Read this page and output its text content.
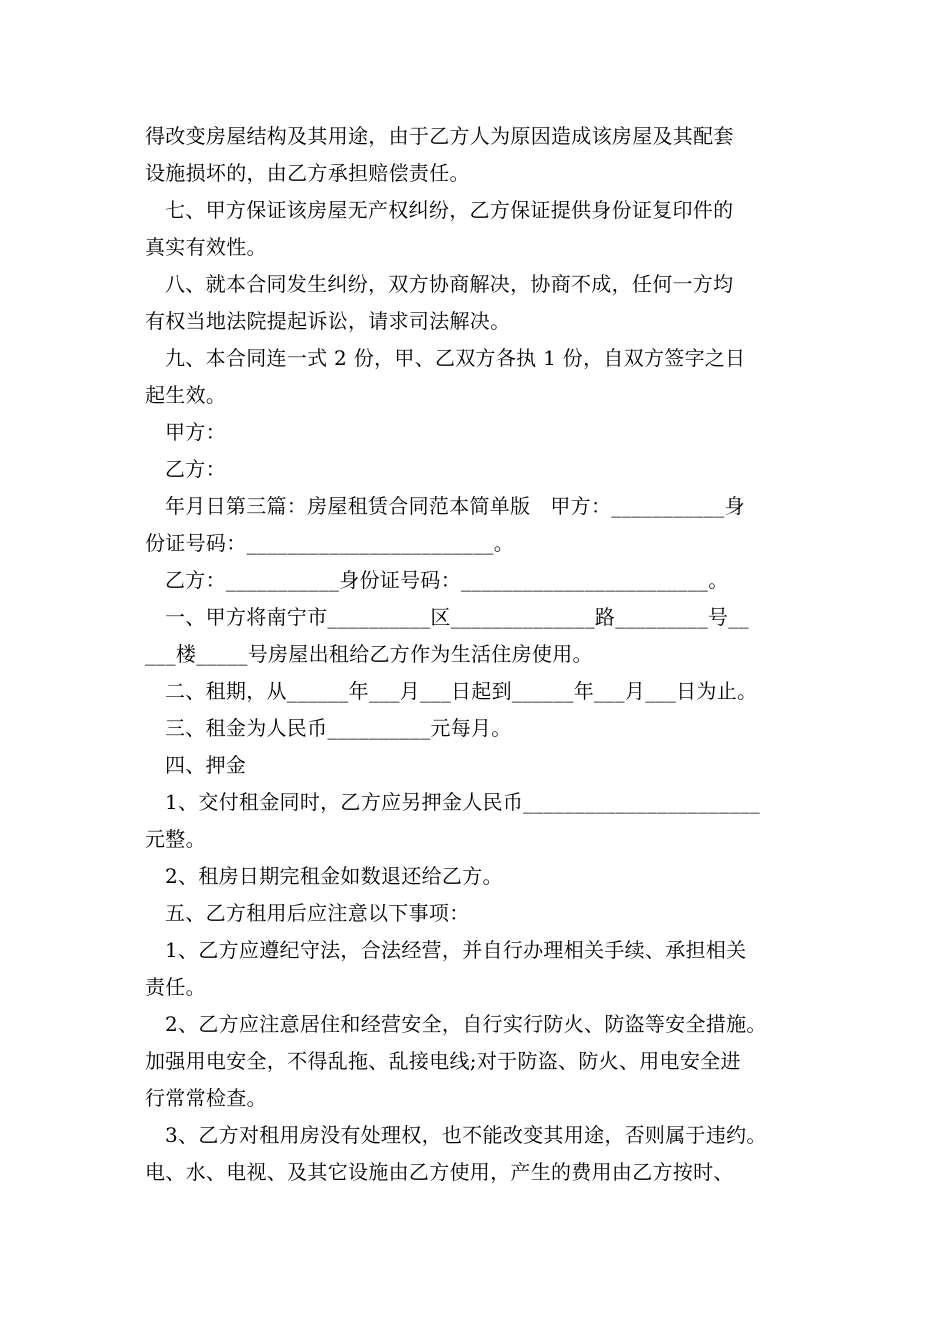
得改变房屋结构及其用途，由于乙方人为原因造成该房屋及其配套
设施损坏的，由乙方承担赔偿责任。
七、甲方保证该房屋无产权纠纷，乙方保证提供身份证复印件的
真实有效性。
八、就本合同发生纠纷，双方协商解决，协商不成，任何一方均
有权当地法院提起诉讼，请求司法解决。
九、本合同连一式 2 份，甲、乙双方各执 1 份，自双方签字之日
起生效。
甲方：
乙方：
年月日第三篇：房屋租赁合同范本简单版   甲方：___________身
份证号码：________________________。
乙方：___________身份证号码：________________________。
一、甲方将南宁市__________区______________路_________号__
___楼_____号房屋出租给乙方作为生活住房使用。
二、租期，从______年___月___日起到______年___月___日为止。
三、租金为人民币__________元每月。
四、押金
1、交付租金同时，乙方应另押金人民币_______________________
元整。
2、租房日期完租金如数退还给乙方。
五、乙方租用后应注意以下事项：
1、乙方应遵纪守法，合法经营，并自行办理相关手续、承担相关
责任。
2、乙方应注意居住和经营安全，自行实行防火、防盗等安全措施。
加强用电安全，不得乱拖、乱接电线;对于防盗、防火、用电安全进
行常常检查。
3、乙方对租用房没有处理权，也不能改变其用途，否则属于违约。
电、水、电视、及其它设施由乙方使用，产生的费用由乙方按时、
